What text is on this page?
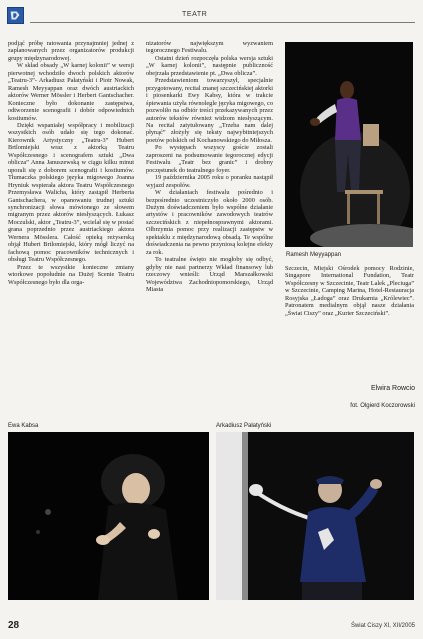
TEATR

podjąć próbę ratowania przynajmniej jednej z zaplanowanych przez organizatorów produkcji grupy międzynarodowej.

W skład obsady „W karnej kolonii” w wersji pierwotnej wchodziło dwoch polskich aktorów „Teatru-3”- Arkadiusz Pałatyński i Piotr Nowak, Ramesh Meyyappan oraz dwóch austriackich aktorów Werner Mössler i Herbert Gantschacher. Konieczne było dokonanie zastępstwa, odtworzenie scenografii i dobór odpowiednich kostiumów.

Dzięki wspaniałej współpracy i mobilizacji wszystkich osób udało się tego dokonać. Kierownik Artystyczny „Teatru-3” Hubert Brtlomiejski wraz z aktorką Teatru Współczesnego i scenografem sztuki „Dwa oblicza” Anna Januszewską w ciągu kilku minut uporali się z doborem scenografii i kostiumów. Tłumaczka polskiego języka migowego Joanna Hryniuk wspierała aktora Teatru Współczesnego Przemysława Walicha, który zastąpił Herberta Gantschachera, w opanowaniu trudnej sztuki synchronizacji słowa mówionego ze słowem migranym przez aktorów niesłyszących. Łukasz Moczulski, aktor „Teatru-3”, wcielał się w postać grana poprzednio przez austriackiego aktora Wernera Mösslera. Całość opieką reżyserską objął Hubert Brtlomiejski, który mógł liczyć na fachową pomoc pracowników technicznych i obsługi Teatru Współczesnego.

Przez te wszystkie konieczne zmiany wtorkowe popołudnie na Dużej Scenie Teatru Współczesnego było dla orga-

nizatorów największym wyzwaniem tegorocznego Festiwalu.

Ostatni dzień rozpoczęła polska wersja sztuki „W karnej kolonii”, następnie publiczność obejrzała przedstawienie pt. „Dwa oblicza”.

Przedstawieniom towarzyszył, specjalnie przygotowany, recital znanej szczecińskiej aktorki i piosenkarki Ewy Kabsy, która w trakcie śpiewania użyła równolegle języka migowego, co pozwoliło na odbiór treści przekazywanych przez autorów tekstów również widzom niesłyszącym. Na recital zatytułowany „Trzeba nam dalej płynąć” złożyły się teksty najwybitniejszych poetów polskich od Kochanowskiego do Miłosza.

Po występach wszyscy goście zostali zaproszeni na podsumowanie tegorocznej edycji Festiwalu „Teatr bez granic” i drobny poczęstunek do teatralnego foyer.

19 października 2005 roku o poranku nastąpił wyjazd zespołów.

W działaniach festiwalu pośrednio i bezpośrednio uczestniczyło około 2000 osób. Dużym doświadczeniem było wspólne działanie artystów i pracowników zawodowych teatrów szczecińskich z niepełnosprawnymi aktorami. Olbrzymia pomoc przy realizacji zastępstw w spektaklu z międzynarodową obsadą. Te wspólne doświadczenia na pewno przyniosą kolejne efekty za rok.

To teatralne święto nie mogłoby się odbyć, gdyby nie nasi partnerzy Wkład finansowy lub rzeczowy wnieśli: Urząd Marszałkowski Województwa Zachodniopomorskiego, Urząd Miasta

Ramesh Meyyappan

Szczecin, Miejski Ośrodek pomocy Rodzinie, Singapore International Fundation, Teatr Współczesny w Szczecinie, Teatr Lalek „Pleciuga” w Szczecinie, Camping Marina, Hotel-Restauracja Rosyjska „Ładoga” oraz Drukarnia „Królewiec”. Patronatem medialnym objął nasze działania „Świat Ciszy” oraz „Kurier Szczeciński”.

Elwira Rowcio
fot. Olgierd Koczorowski
Ewa Kabsa	Arkadiusz Pałatyński
28	Świat Ciszy XI, XII/2005
